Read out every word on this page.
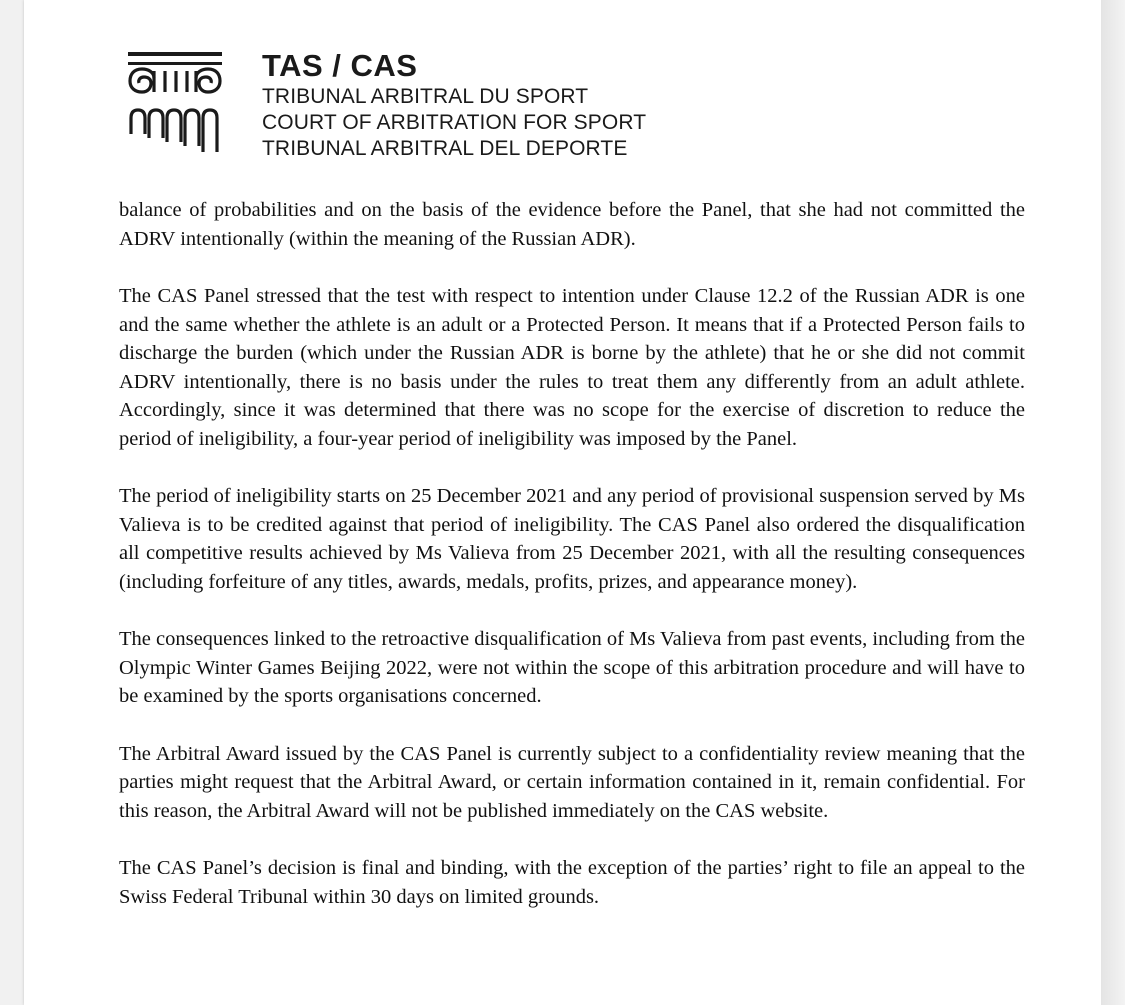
TAS / CAS
TRIBUNAL ARBITRAL DU SPORT
COURT OF ARBITRATION FOR SPORT
TRIBUNAL ARBITRAL DEL DEPORTE

balance of probabilities and on the basis of the evidence before the Panel, that she had not committed the ADRV intentionally (within the meaning of the Russian ADR).

The CAS Panel stressed that the test with respect to intention under Clause 12.2 of the Russian ADR is one and the same whether the athlete is an adult or a Protected Person. It means that if a Protected Person fails to discharge the burden (which under the Russian ADR is borne by the athlete) that he or she did not commit ADRV intentionally, there is no basis under the rules to treat them any differently from an adult athlete. Accordingly, since it was determined that there was no scope for the exercise of discretion to reduce the period of ineligibility, a four-year period of ineligibility was imposed by the Panel.

The period of ineligibility starts on 25 December 2021 and any period of provisional suspension served by Ms Valieva is to be credited against that period of ineligibility. The CAS Panel also ordered the disqualification all competitive results achieved by Ms Valieva from 25 December 2021, with all the resulting consequences (including forfeiture of any titles, awards, medals, profits, prizes, and appearance money).

The consequences linked to the retroactive disqualification of Ms Valieva from past events, including from the Olympic Winter Games Beijing 2022, were not within the scope of this arbitration procedure and will have to be examined by the sports organisations concerned.

The Arbitral Award issued by the CAS Panel is currently subject to a confidentiality review meaning that the parties might request that the Arbitral Award, or certain information contained in it, remain confidential. For this reason, the Arbitral Award will not be published immediately on the CAS website.

The CAS Panel’s decision is final and binding, with the exception of the parties’ right to file an appeal to the Swiss Federal Tribunal within 30 days on limited grounds.
